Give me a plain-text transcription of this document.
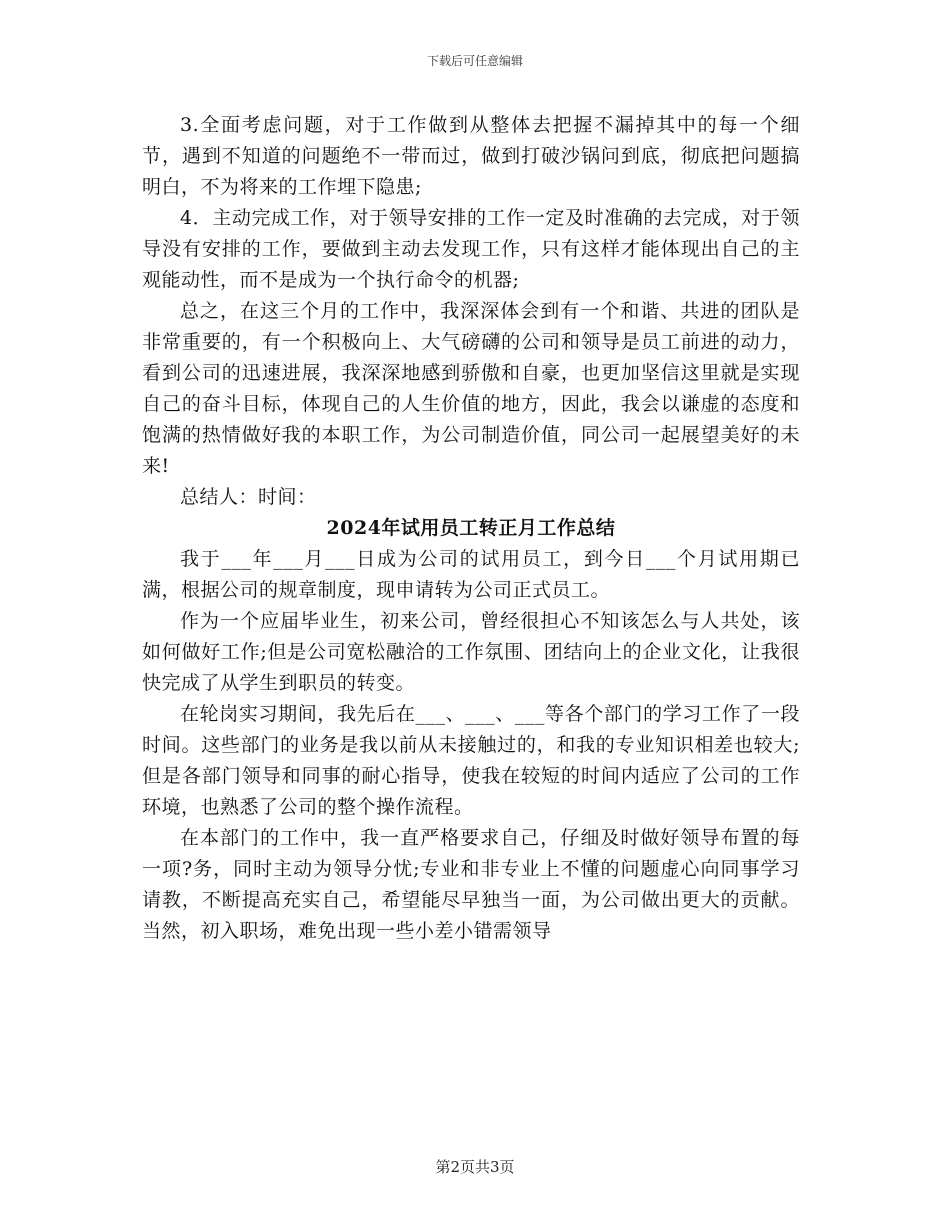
下载后可任意编辑

3.全面考虑问题，对于工作做到从整体去把握不漏掉其中的每一个细节，遇到不知道的问题绝不一带而过，做到打破沙锅问到底，彻底把问题搞明白，不为将来的工作埋下隐患;

4．主动完成工作，对于领导安排的工作一定及时准确的去完成，对于领导没有安排的工作，要做到主动去发现工作，只有这样才能体现出自己的主观能动性，而不是成为一个执行命令的机器;

总之，在这三个月的工作中，我深深体会到有一个和谐、共进的团队是非常重要的，有一个积极向上、大气磅礴的公司和领导是员工前进的动力，看到公司的迅速进展，我深深地感到骄傲和自豪，也更加坚信这里就是实现自己的奋斗目标，体现自己的人生价值的地方，因此，我会以谦虚的态度和饱满的热情做好我的本职工作，为公司制造价值，同公司一起展望美好的未来!

总结人：时间：

2024年试用员工转正月工作总结

我于___年___月___日成为公司的试用员工，到今日___个月试用期已满，根据公司的规章制度，现申请转为公司正式员工。

作为一个应届毕业生，初来公司，曾经很担心不知该怎么与人共处，该如何做好工作;但是公司宽松融洽的工作氛围、团结向上的企业文化，让我很快完成了从学生到职员的转变。

在轮岗实习期间，我先后在___、___、___等各个部门的学习工作了一段时间。这些部门的业务是我以前从未接触过的，和我的专业知识相差也较大;但是各部门领导和同事的耐心指导，使我在较短的时间内适应了公司的工作环境，也熟悉了公司的整个操作流程。

在本部门的工作中，我一直严格要求自己，仔细及时做好领导布置的每一项?务，同时主动为领导分忧;专业和非专业上不懂的问题虚心向同事学习请教，不断提高充实自己，希望能尽早独当一面，为公司做出更大的贡献。当然，初入职场，难免出现一些小差小错需领导

第2页共3页
